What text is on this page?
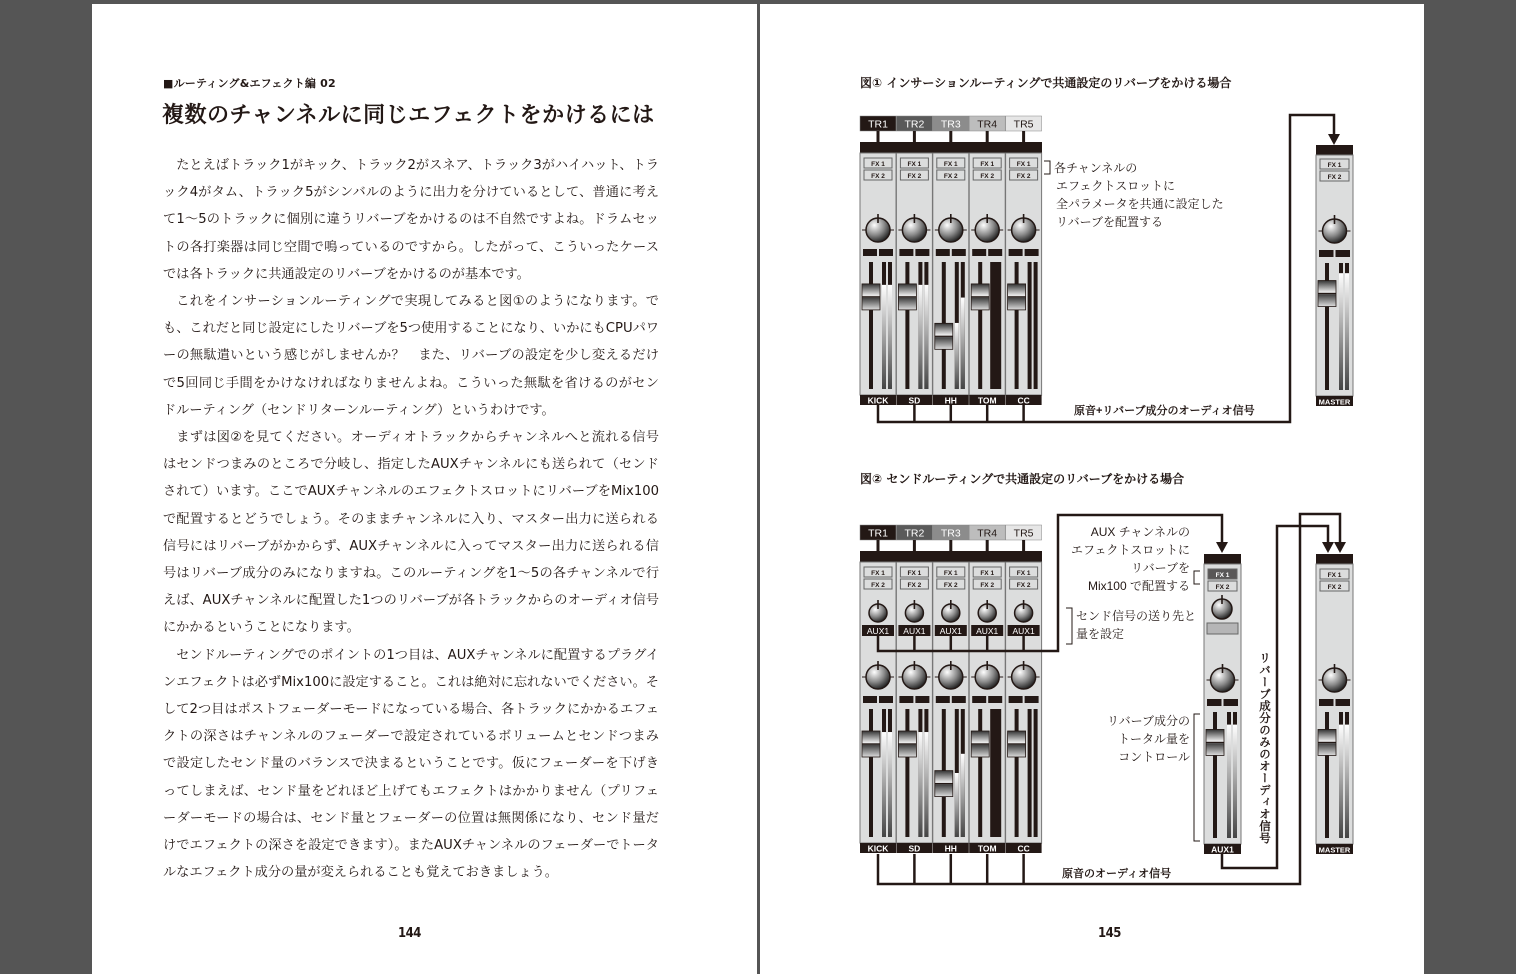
■ルーティング&エフェクト編 02
複数のチャンネルに同じエフェクトをかけるには

たとえばトラック1がキック、トラック2がスネア、トラック3がハイハット、トラック4がタム、トラック5がシンバルのように出力を分けているとして、普通に考えて1〜5のトラックに個別に違うリバーブをかけるのは不自然ですよね。ドラムセットの各打楽器は同じ空間で鳴っているのですから。したがって、こういったケースでは各トラックに共通設定のリバーブをかけるのが基本です。

これをインサーションルーティングで実現してみると図①のようになります。でも、これだと同じ設定にしたリバーブを5つ使用することになり、いかにもCPUパワーの無駄遣いという感じがしませんか？　また、リバーブの設定を少し変えるだけで5回同じ手間をかけなければなりませんよね。こういった無駄を省けるのがセンドルーティング（センドリターンルーティング）というわけです。

まずは図②を見てください。オーディオトラックからチャンネルへと流れる信号はセンドつまみのところで分岐し、指定したAUXチャンネルにも送られて（センドされて）います。ここでAUXチャンネルのエフェクトスロットにリバーブをMix100で配置するとどうでしょう。そのままチャンネルに入り、マスター出力に送られる信号にはリバーブがかからず、AUXチャンネルに入ってマスター出力に送られる信号はリバーブ成分のみになりますね。このルーティングを1〜5の各チャンネルで行えば、AUXチャンネルに配置した1つのリバーブが各トラックからのオーディオ信号にかかるということになります。

センドルーティングでのポイントの1つ目は、AUXチャンネルに配置するプラグインエフェクトは必ずMix100に設定すること。これは絶対に忘れないでください。そして2つ目はポストフェーダーモードになっている場合、各トラックにかかるエフェクトの深さはチャンネルのフェーダーで設定されているボリュームとセンドつまみで設定したセンド量のバランスで決まるということです。仮にフェーダーを下げきってしまえば、センド量をどれほど上げてもエフェクトはかかりません（プリフェーダーモードの場合は、センド量とフェーダーの位置は無関係になり、センド量だけでエフェクトの深さを設定できます）。またAUXチャンネルのフェーダーでトータルなエフェクト成分の量が変えられることも覚えておきましょう。

144
図① インサーションルーティングで共通設定のリバーブをかける場合
図② センドルーティングで共通設定のリバーブをかける場合
TR1 TR2 TR3 TR4 TR5
FX 1
FX 2
KICK
FX 1
FX 2
SD
FX 1
FX 2
HH
FX 1
FX 2
TOM
FX 1
FX 2
CC
FX 1
FX 2
MASTER
各チャンネルの
エフェクトスロットに
全パラメータを共通に設定した
リバーブを配置する
原音+リバーブ成分のオーディオ信号
TR1 TR2 TR3 TR4 TR5
FX 1
FX 2
KICK
AUX1
FX 1
FX 2
SD
AUX1
FX 1
FX 2
HH
AUX1
FX 1
FX 2
TOM
AUX1
FX 1
FX 2
CC
AUX1
FX 1
FX 2
AUX1
FX 1
FX 2
MASTER
AUX チャンネルの
エフェクトスロットに
リバーブを
Mix100 で配置する
センド信号の送り先と
量を設定
リバーブ成分の
トータル量を
コントロール	リバーブ成分のみのオーディオ信号
原音のオーディオ信号
145
